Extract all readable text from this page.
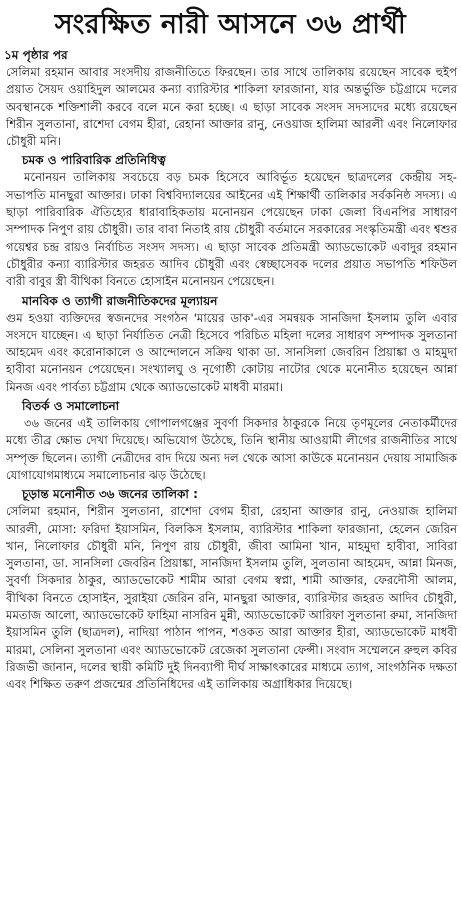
সংরক্ষিত নারী আসনে ৩৬ প্রার্থী
১ম পৃষ্ঠার পর

সেলিমা রহমান আবার সংসদীয় রাজনীতিতে ফিরছেন। তার সাথে তালিকায় রয়েছেন সাবেক হুইপ প্রয়াত সৈয়দ ওয়াহিদুল আলমের কন্যা ব্যারিস্টার শাকিলা ফারজানা, যার অন্তর্ভুক্তি চট্টগ্রামে দলের অবস্থানকে শক্তিশালী করবে বলে মনে করা হচ্ছে। এ ছাড়া সাবেক সংসদ সদস্যদের মধ্যে রয়েছেন শিরীন সুলতানা, রাশেদা বেগম হীরা, রেহানা আক্তার রানু, নেওয়াজ হালিমা আরলী এবং নিলোফার চৌধুরী মনি।

চমক ও পারিবারিক প্রতিনিধিত্ব

মনোনয়ন তালিকায় সবচেয়ে বড় চমক হিসেবে আবির্ভূত হয়েছেন ছাত্রদলের কেন্দ্রীয় সহ-সভাপতি মানছুরা আক্তার। ঢাকা বিশ্ববিদ্যালয়ের আইনের এই শিক্ষার্থী তালিকার সর্বকনিষ্ঠ সদস্য। এ ছাড়া পারিবারিক ঐতিহ্যের ধারাবাহিকতায় মনোনয়ন পেয়েছেন ঢাকা জেলা বিএনপির সাধারণ সম্পাদক নিপুণ রায় চৌধুরী। তার বাবা নিতাই রায় চৌধুরী বর্তমানে সরকারের সংস্কৃতিমন্ত্রী এবং শ্বশুর গয়েশ্বর চন্দ্র রায়ও নির্বাচিত সংসদ সদস্য। এ ছাড়া সাবেক প্রতিমন্ত্রী অ্যাডভোকেট এবাদুর রহমান চৌধুরীর কন্যা ব্যারিস্টার জহরত আদিব চৌধুরী এবং স্বেচ্ছাসেবক দলের প্রয়াত সভাপতি শফিউল বারী বাবুর স্ত্রী বীথিকা বিনতে হোসাইন মনোনয়ন পেয়েছেন।

মানবিক ও ত্যাগী রাজনীতিকদের মূল্যায়ন

গুম হওয়া ব্যক্তিদের স্বজনদের সংগঠন 'মায়ের ডাক'-এর সমন্বয়ক সানজিদা ইসলাম তুলি এবার সংসদে যাচ্ছেন। এ ছাড়া নির্যাতিত নেত্রী হিসেবে পরিচিত মহিলা দলের সাধারণ সম্পাদক সুলতানা আহমেদ এবং করোনাকালে ও আন্দোলনে সক্রিয় থাকা ডা. সানসিলা জেবরিন প্রিয়াঙ্কা ও মাহমুদা হাবীবা মনোনয়ন পেয়েছেন। সংখ্যালঘু ও নৃগোষ্ঠী কোটায় নাটোর থেকে মনোনীত হয়েছেন আন্না মিনজ এবং পার্বত্য চট্টগ্রাম থেকে অ্যাডভোকেট মাধবী মারমা।

বিতর্ক ও সমালোচনা

৩৬ জনের এই তালিকায় গোপালগঞ্জের সুবর্ণা সিকদার ঠাকুরকে নিয়ে তৃণমূলের নেতাকর্মীদের মধ্যে তীব্র ক্ষোভ দেখা দিয়েছে। অভিযোগ উঠেছে, তিনি স্থানীয় আওয়ামী লীগের রাজনীতির সাথে সম্পৃক্ত ছিলেন। ত্যাগী নেত্রীদের বাদ দিয়ে অন্য দল থেকে আসা কাউকে মনোনয়ন দেয়ায় সামাজিক যোগাযোগমাধ্যমে সমালোচনার ঝড় উঠেছে।

চূড়ান্ত মনোনীত ৩৬ জনের তালিকা :

সেলিমা রহমান, শিরীন সুলতানা, রাশেদা বেগম হীরা, রেহানা আক্তার রানু, নেওয়াজ হালিমা আরলী, মোসা: ফরিদা ইয়াসমিন, বিলকিস ইসলাম, ব্যারিস্টার শাকিলা ফারজানা, হেলেন জেরিন খান, নিলোফার চৌধুরী মনি, নিপুণ রায় চৌধুরী, জীবা আমিনা খান, মাহমুদা হাবীবা, সাবিরা সুলতানা, ডা. সানসিলা জেবরিন প্রিয়াঙ্কা, সানজিদা ইসলাম তুলি, সুলতানা আহমেদ, আন্না মিনজ, সুবর্ণা সিকদার ঠাকুর, অ্যাডভোকেট শামীম আরা বেগম স্বপ্না, শামী আক্তার, ফেরদৌসী আলম, বীথিকা বিনতে হোসাইন, সুরাইয়া জেরিন রনি, মানছুরা আক্তার, ব্যারিস্টার জহরত আদিব চৌধুরী, মমতাজ আলো, অ্যাডভোকেট ফাহিমা নাসরিন মুন্নী, অ্যাডভোকেট আরিফা সুলতানা রুমা, সানজিদা ইয়াসমিন তুলি (ছাত্রদল), নাদিয়া পাঠান পাপন, শওকত আরা আক্তার হীরা, অ্যাডভোকেট মাধবী মারমা, সেলিনা সুলতানা এবং অ্যাডভোকেট রেজেকা সুলতানা ফেন্সী। সংবাদ সম্মেলনে রুহুল কবির রিজভী জানান, দলের স্থায়ী কমিটি দুই দিনব্যাপী দীর্ঘ সাক্ষাৎকারের মাধ্যমে ত্যাগ, সাংগঠনিক দক্ষতা এবং শিক্ষিত তরুণ প্রজন্মের প্রতিনিধিদের এই তালিকায় অগ্রাধিকার দিয়েছে।
